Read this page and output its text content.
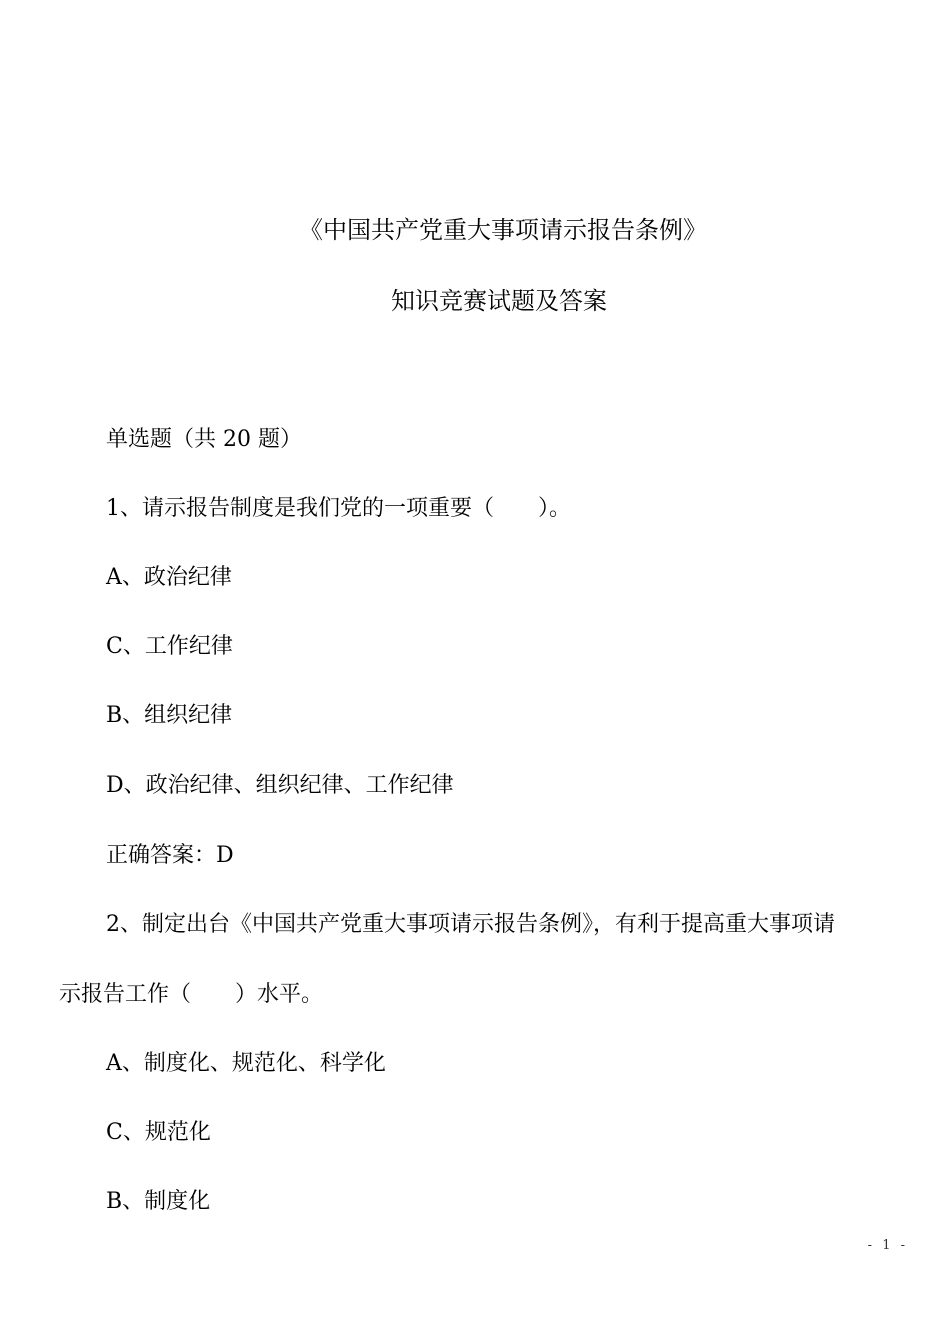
《中国共产党重大事项请示报告条例》
知识竞赛试题及答案
单选题（共 20 题）
1、请示报告制度是我们党的一项重要（　　）。
A、政治纪律
C、工作纪律
B、组织纪律
D、政治纪律、组织纪律、工作纪律
正确答案：D
2、制定出台《中国共产党重大事项请示报告条例》，有利于提高重大事项请
示报告工作（　　）水平。
A、制度化、规范化、科学化
C、规范化
B、制度化
- 1 -
